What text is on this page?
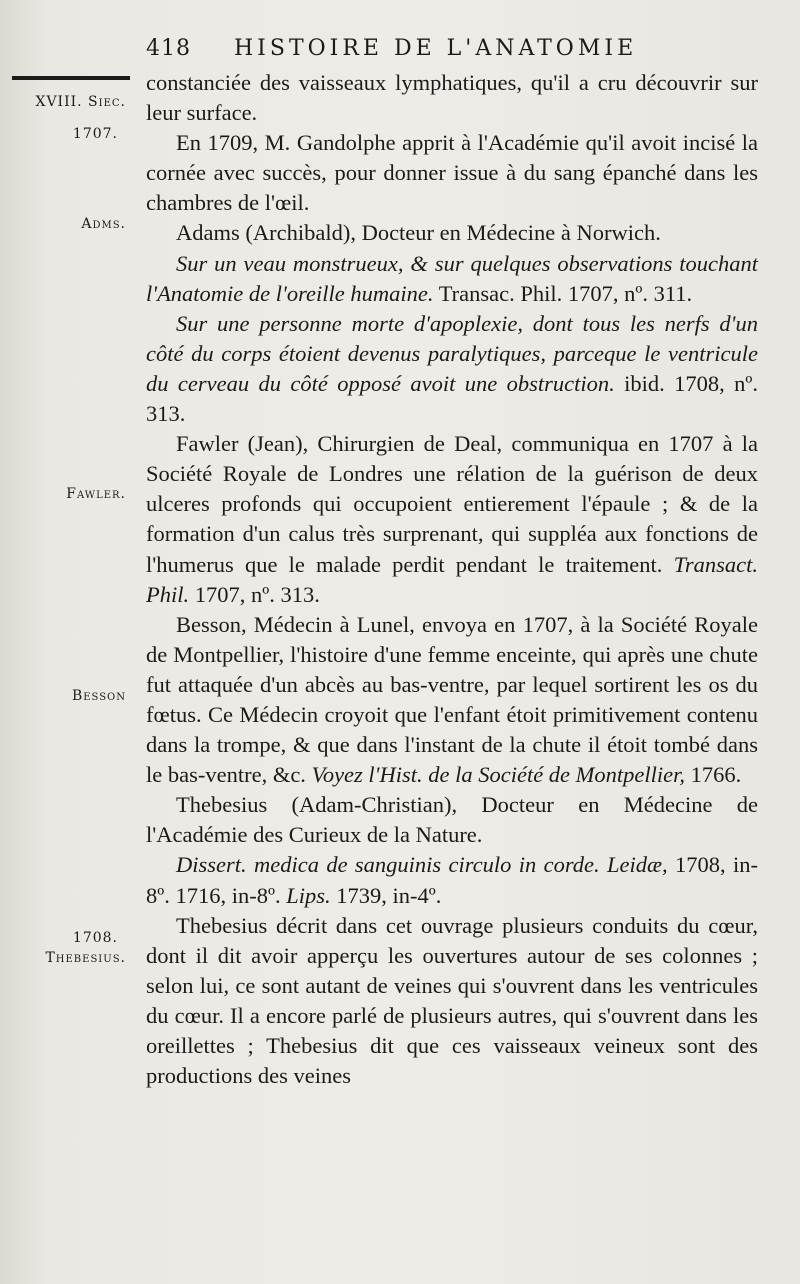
418 HISTOIRE DE L'ANATOMIE
XVIII. Siec.
1707.
Adms.
Fawler.
Besson
1708.
Thebesius.

constanciée des vaisseaux lymphatiques, qu'il a cru découvrir sur leur surface.

En 1709, M. Gandolphe apprit à l'Académie qu'il avoit incisé la cornée avec succès, pour donner issue à du sang épanché dans les chambres de l'œil.

Adams (Archibald), Docteur en Médecine à Norwich.

Sur un veau monstrueux, & sur quelques observations touchant l'Anatomie de l'oreille humaine. Transac. Phil. 1707, nº. 311.

Sur une personne morte d'apoplexie, dont tous les nerfs d'un côté du corps étoient devenus paralytiques, parceque le ventricule du cerveau du côté opposé avoit une obstruction. ibid. 1708, nº. 313.

Fawler (Jean), Chirurgien de Deal, communiqua en 1707 à la Société Royale de Londres une rélation de la guérison de deux ulceres profonds qui occupoient entierement l'épaule ; & de la formation d'un calus très surprenant, qui suppléa aux fonctions de l'humerus que le malade perdit pendant le traitement. Transact. Phil. 1707, nº. 313.

Besson, Médecin à Lunel, envoya en 1707, à la Société Royale de Montpellier, l'histoire d'une femme enceinte, qui après une chute fut attaquée d'un abcès au bas-ventre, par lequel sortirent les os du fœtus. Ce Médecin croyoit que l'enfant étoit primitivement contenu dans la trompe, & que dans l'instant de la chute il étoit tombé dans le bas-ventre, &c. Voyez l'Hist. de la Société de Montpellier, 1766.

Thebesius (Adam-Christian), Docteur en Médecine de l'Académie des Curieux de la Nature.

Dissert. medica de sanguinis circulo in corde. Leidæ, 1708, in-8º. 1716, in-8º. Lips. 1739, in-4º.

Thebesius décrit dans cet ouvrage plusieurs conduits du cœur, dont il dit avoir apperçu les ouvertures autour de ses colonnes ; selon lui, ce sont autant de veines qui s'ouvrent dans les ventricules du cœur. Il a encore parlé de plusieurs autres, qui s'ouvrent dans les oreillettes ; Thebesius dit que ces vaisseaux veineux sont des productions des veines
